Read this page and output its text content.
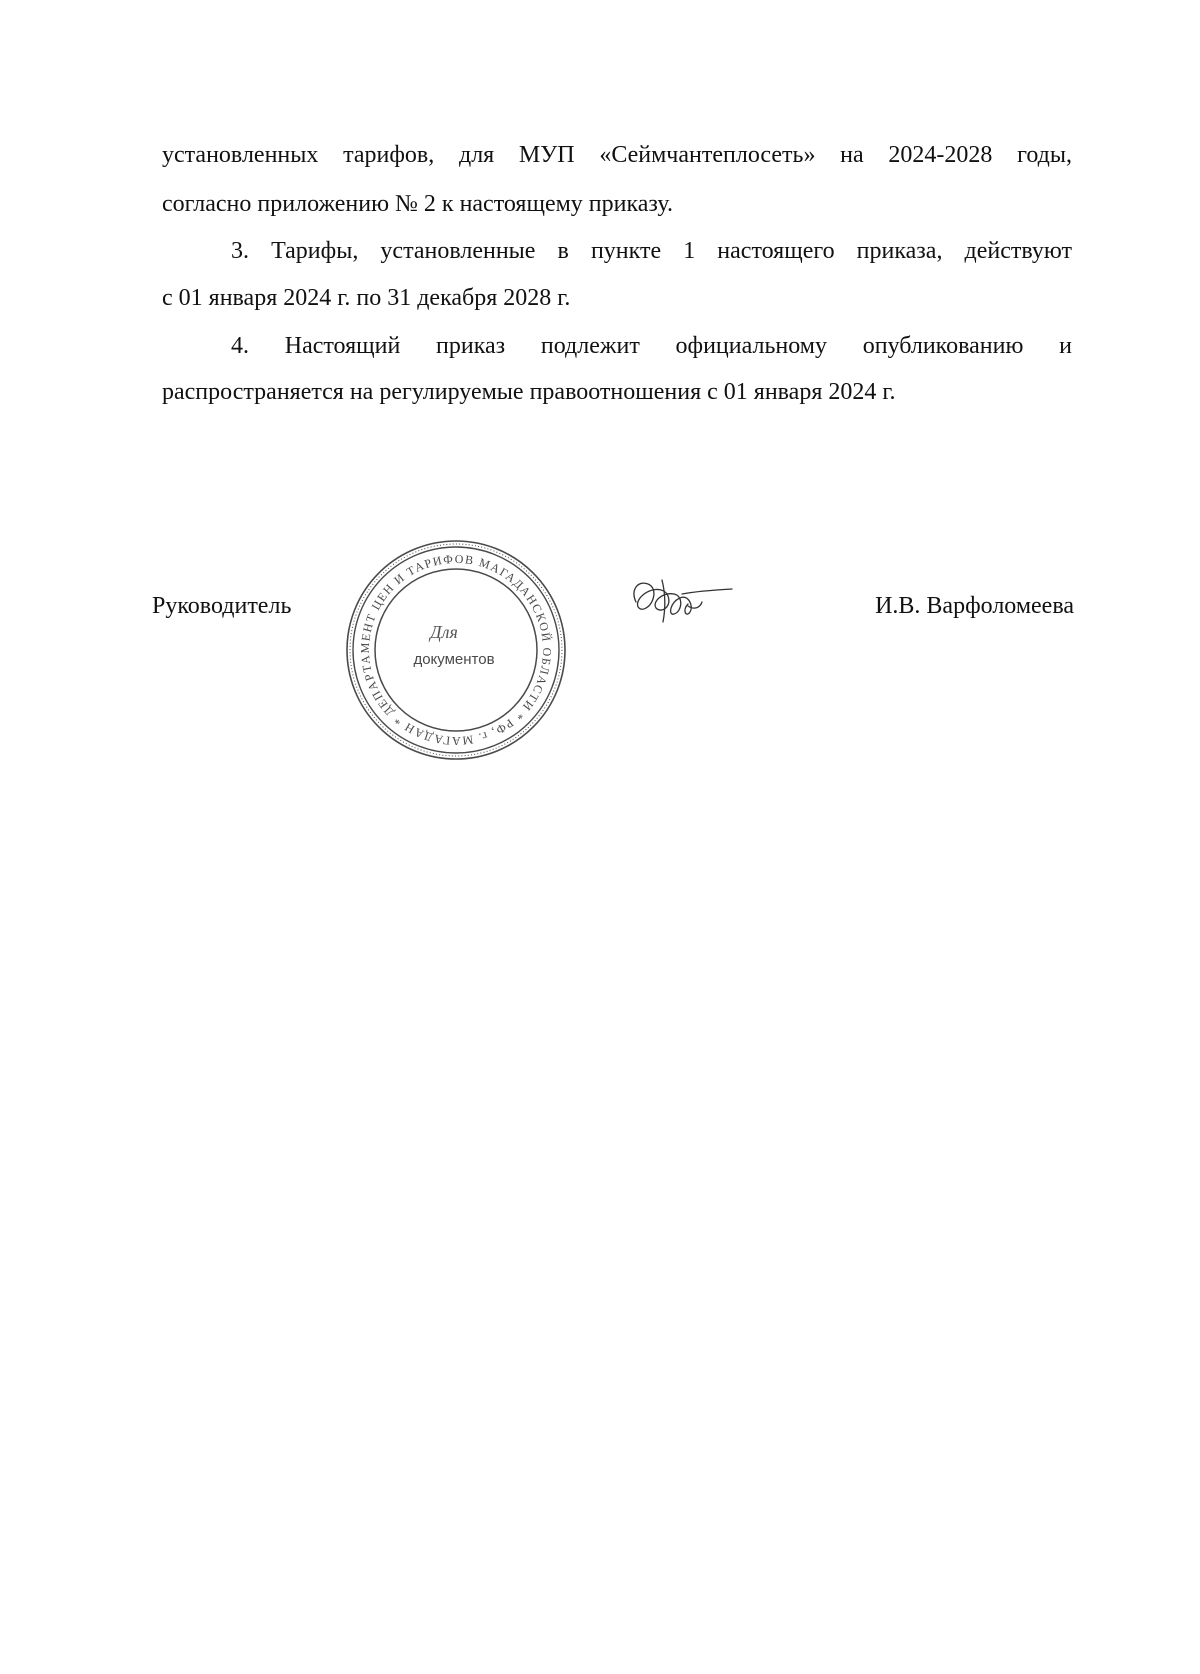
установленных тарифов, для МУП «Сеймчантеплосеть» на 2024-2028 годы,
согласно приложению № 2 к настоящему приказу.
3. Тарифы, установленные в пункте 1 настоящего приказа, действуют
с 01 января 2024 г. по 31 декабря 2028 г.
4. Настоящий приказ подлежит официальному опубликованию и
распространяется на регулируемые правоотношения с 01 января 2024 г.
Руководитель
ДЕПАРТАМЕНТ ЦЕН И ТАРИФОВ МАГАДАНСКОЙ ОБЛАСТИ * РФ, г. МАГАДАН *
Для
документов
И.В. Варфоломеева
